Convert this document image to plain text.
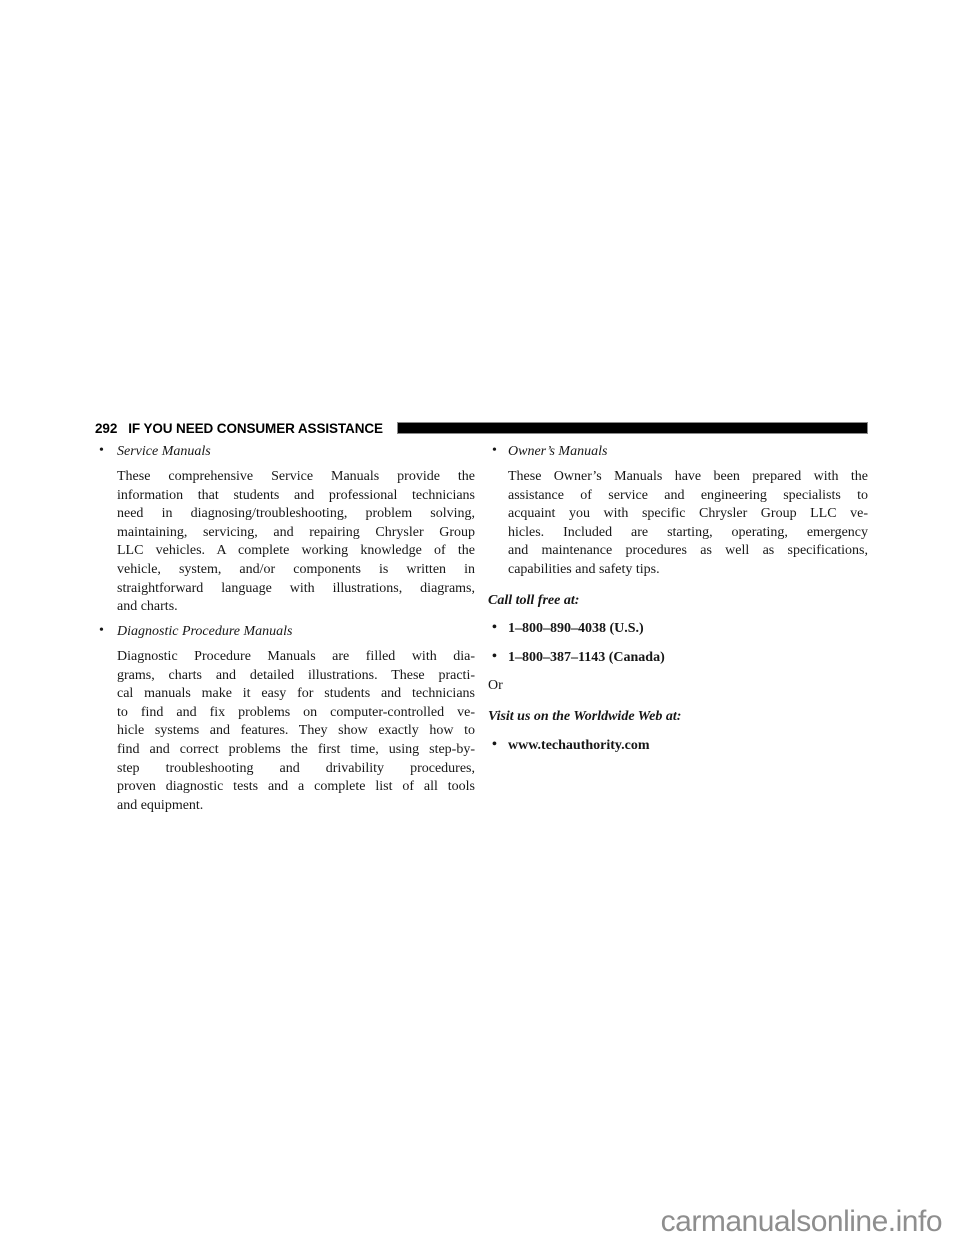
292 IF YOU NEED CONSUMER ASSISTANCE
• Service Manuals
These comprehensive Service Manuals provide the
information that students and professional technicians
need in diagnosing/troubleshooting, problem solving,
maintaining, servicing, and repairing Chrysler Group
LLC vehicles. A complete working knowledge of the
vehicle, system, and/or components is written in
straightforward language with illustrations, diagrams,
and charts.
• Diagnostic Procedure Manuals
Diagnostic Procedure Manuals are filled with dia-
grams, charts and detailed illustrations. These practi-
cal manuals make it easy for students and technicians
to find and fix problems on computer-controlled ve-
hicle systems and features. They show exactly how to
find and correct problems the first time, using step-by-
step troubleshooting and drivability procedures,
proven diagnostic tests and a complete list of all tools
and equipment.
• Owner’s Manuals
These Owner’s Manuals have been prepared with the
assistance of service and engineering specialists to
acquaint you with specific Chrysler Group LLC ve-
hicles. Included are starting, operating, emergency
and maintenance procedures as well as specifications,
capabilities and safety tips.
Call toll free at:
• 1–800–890–4038 (U.S.)
• 1–800–387–1143 (Canada)
Or
Visit us on the Worldwide Web at:
• www.techauthority.com
carmanualsonline.info
